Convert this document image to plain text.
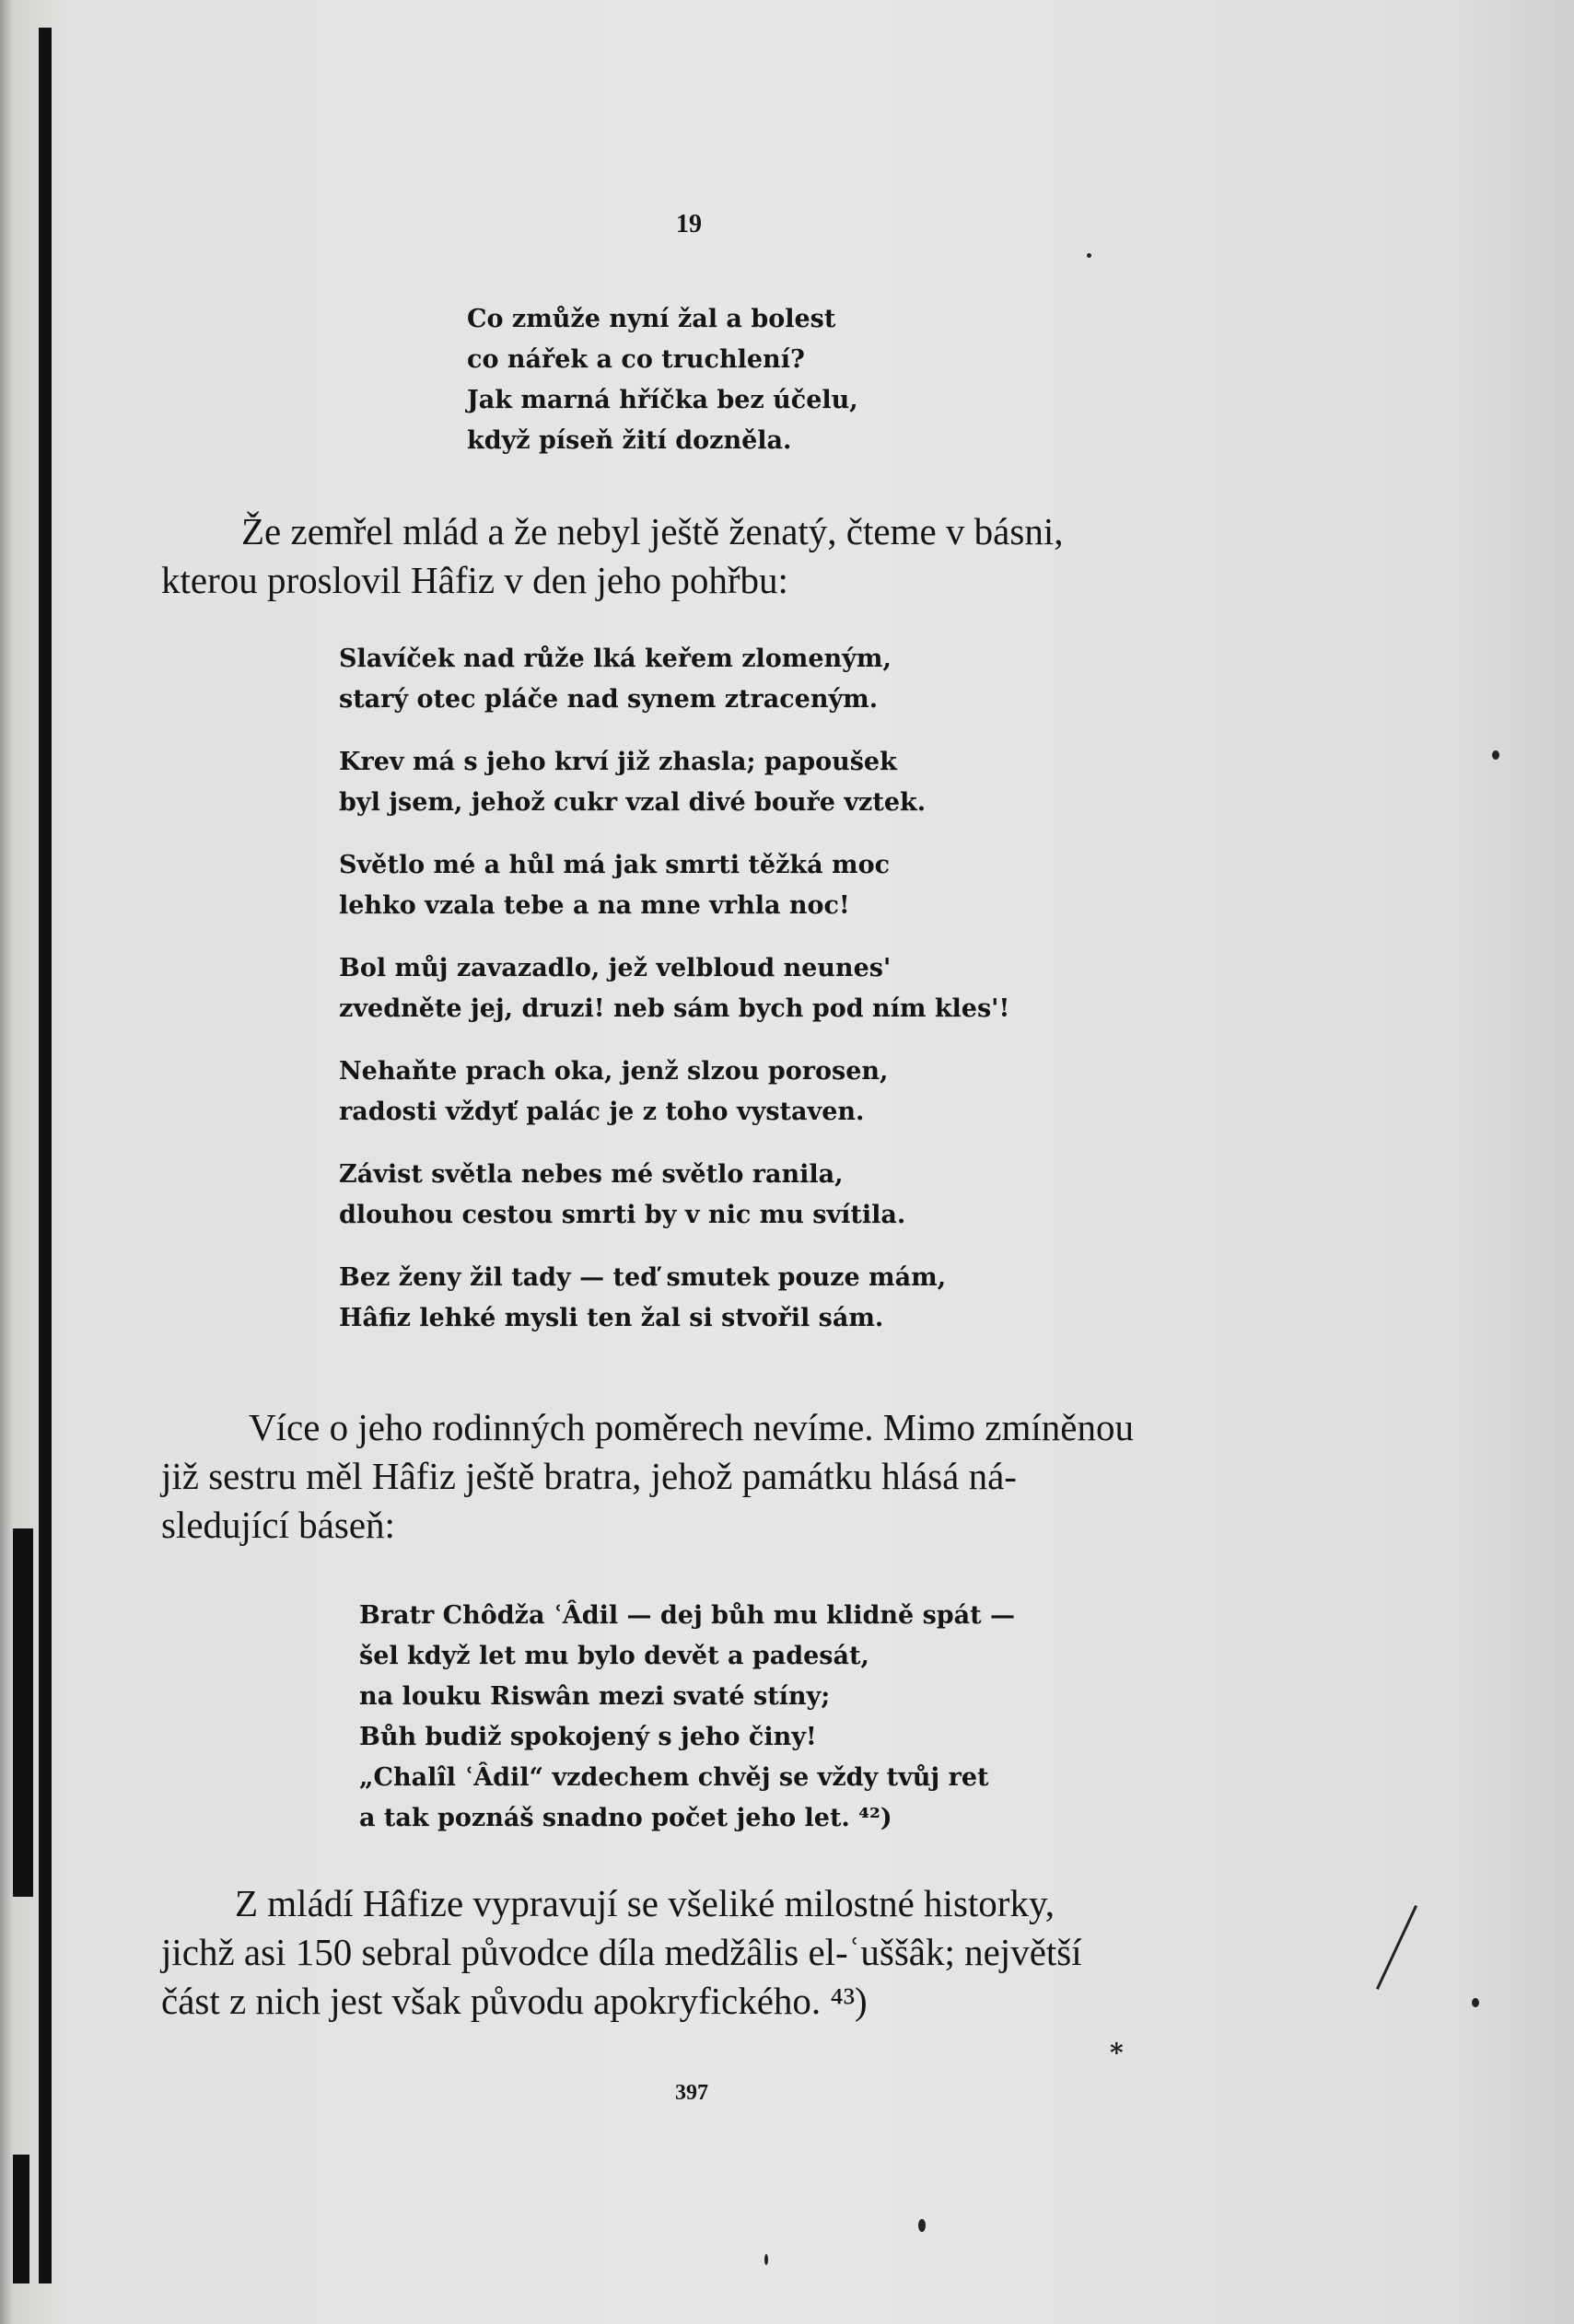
19
Co zmůže nyní žal a bolest
co nářek a co truchlení?
Jak marná hříčka bez účelu,
když píseň žití dozněla.
Že zemřel mlád a že nebyl ještě ženatý, čteme v básni,
kterou proslovil Hâfiz v den jeho pohřbu:
Slavíček nad růže lká keřem zlomeným,
starý otec pláče nad synem ztraceným.
Krev má s jeho krví již zhasla; papoušek
byl jsem, jehož cukr vzal divé bouře vztek.
Světlo mé a hůl má jak smrti těžká moc
lehko vzala tebe a na mne vrhla noc!
Bol můj zavazadlo, jež velbloud neunes'
zvedněte jej, druzi! neb sám bych pod ním kles'!
Nehaňte prach oka, jenž slzou porosen,
radosti vždyť palác je z toho vystaven.
Závist světla nebes mé světlo ranila,
dlouhou cestou smrti by v nic mu svítila.
Bez ženy žil tady — teď smutek pouze mám,
Hâfiz lehké mysli ten žal si stvořil sám.
Více o jeho rodinných poměrech nevíme. Mimo zmíněnou
již sestru měl Hâfiz ještě bratra, jehož památku hlásá ná-
sledující báseň:
Bratr Chôdža ʿÂdil — dej bůh mu klidně spát —
šel když let mu bylo devět a padesát,
na louku Riswân mezi svaté stíny;
Bůh budiž spokojený s jeho činy!
„Chalîl ʿÂdil“ vzdechem chvěj se vždy tvůj ret
a tak poznáš snadno počet jeho let. ⁴²)
Z mládí Hâfize vypravují se všeliké milostné historky,
jichž asi 150 sebral původce díla medžâlis el-ʿuššâk; největší
část z nich jest však původu apokryfického. ⁴³)
*
397
